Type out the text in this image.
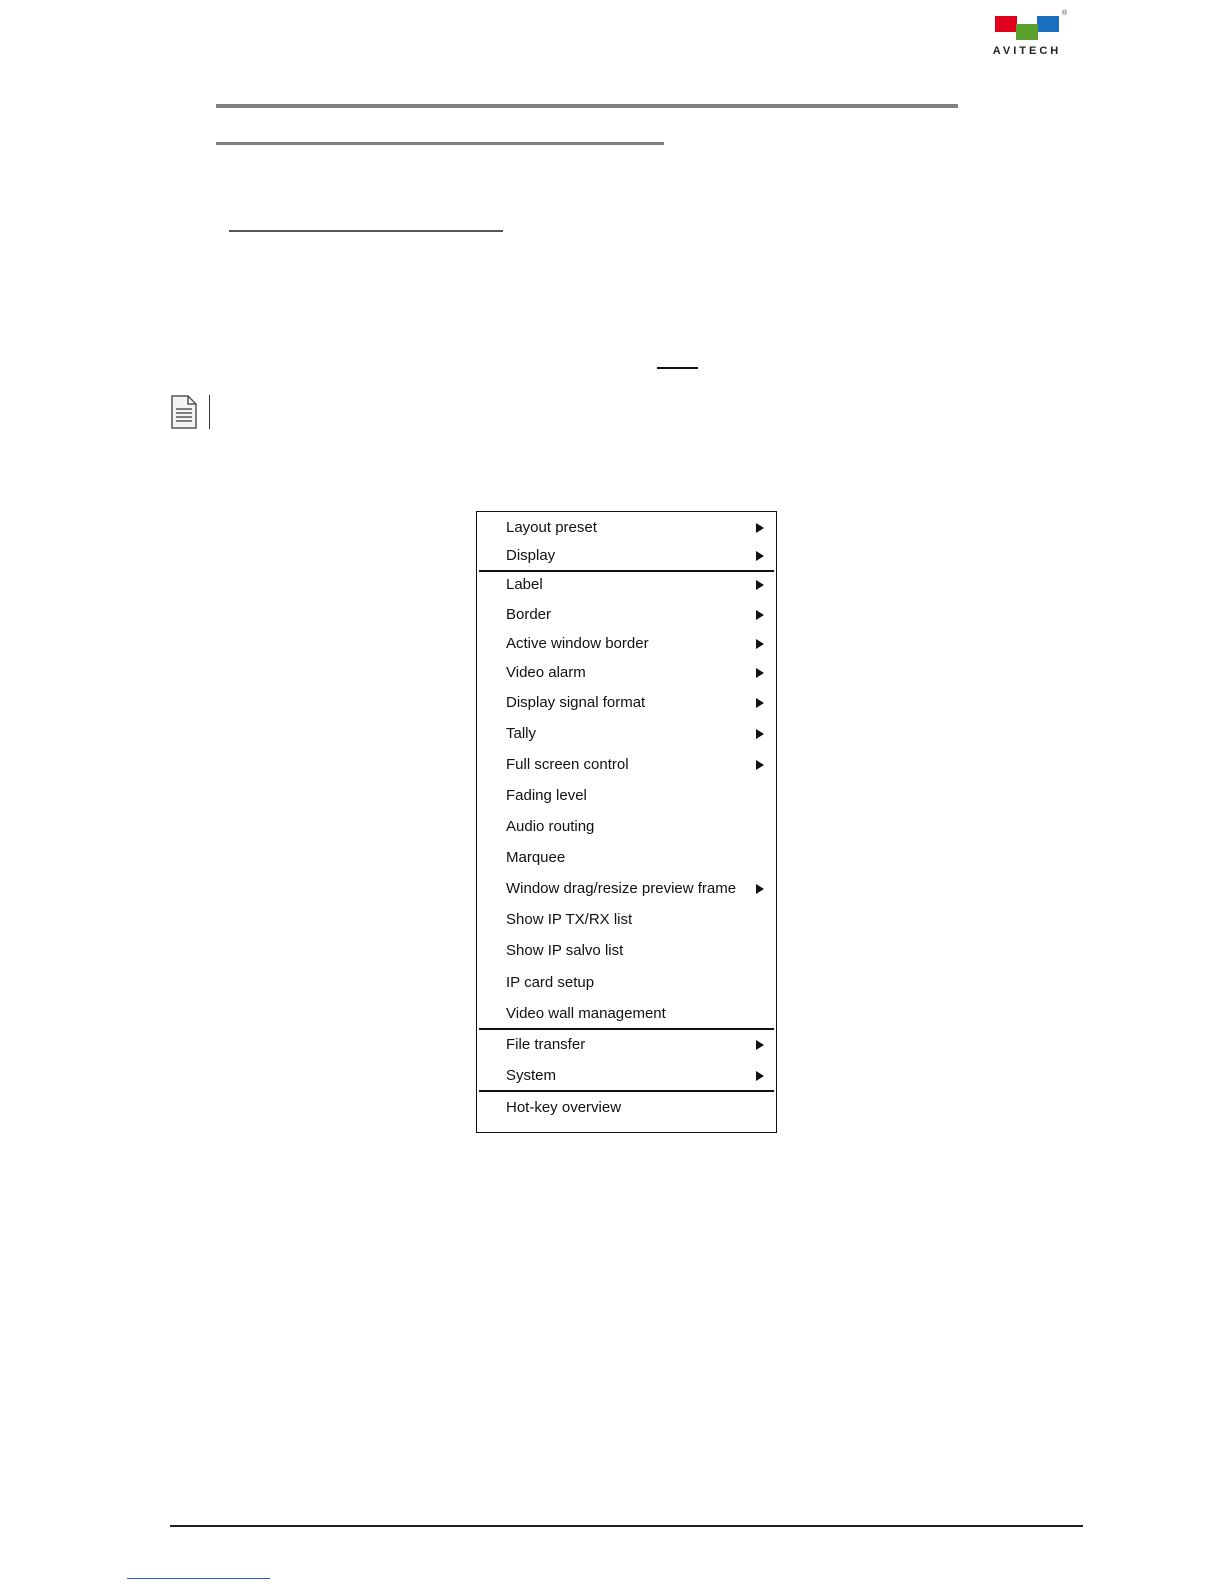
®
AVITECH
Layout preset
Display
Label
Border
Active window border
Video alarm
Display signal format
Tally
Full screen control
Fading level
Audio routing
Marquee
Window drag/resize preview frame
Show IP TX/RX list
Show IP salvo list
IP card setup
Video wall management
File transfer
System
Hot-key overview
